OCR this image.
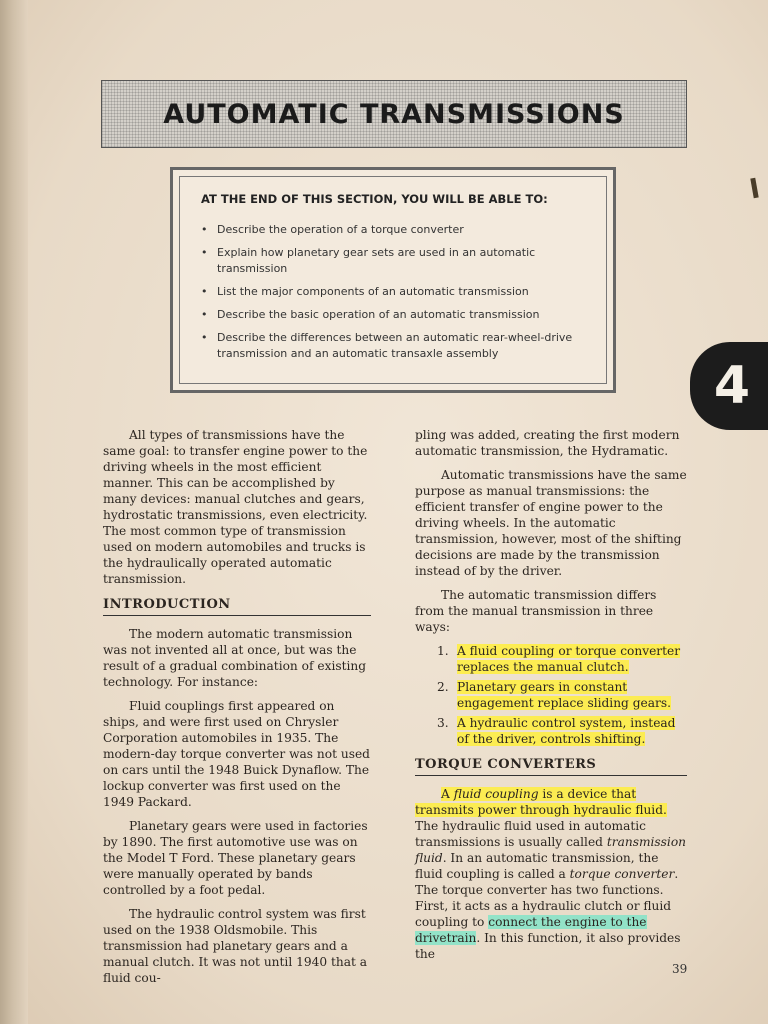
AUTOMATIC TRANSMISSIONS
AT THE END OF THIS SECTION, YOU WILL BE ABLE TO:
• Describe the operation of a torque converter
• Explain how planetary gear sets are used in an automatic transmission
• List the major components of an automatic transmission
• Describe the basic operation of an automatic transmission
• Describe the differences between an automatic rear-wheel-drive transmission and an automatic transaxle assembly
4

All types of transmissions have the same goal: to transfer engine power to the driving wheels in the most efficient manner. This can be accomplished by many devices: manual clutches and gears, hydrostatic transmissions, even electricity. The most common type of transmission used on modern automobiles and trucks is the hydraulically operated automatic transmission.

INTRODUCTION

The modern automatic transmission was not invented all at once, but was the result of a gradual combination of existing technology. For instance:

Fluid couplings first appeared on ships, and were first used on Chrysler Corporation automobiles in 1935. The modern-day torque converter was not used on cars until the 1948 Buick Dynaflow. The lockup converter was first used on the 1949 Packard.

Planetary gears were used in factories by 1890. The first automotive use was on the Model T Ford. These planetary gears were manually operated by bands controlled by a foot pedal.

The hydraulic control system was first used on the 1938 Oldsmobile. This transmission had planetary gears and a manual clutch. It was not until 1940 that a fluid cou-

pling was added, creating the first modern automatic transmission, the Hydramatic.

Automatic transmissions have the same purpose as manual transmissions: the efficient transfer of engine power to the driving wheels. In the automatic transmission, however, most of the shifting decisions are made by the transmission instead of by the driver.

The automatic transmission differs from the manual transmission in three ways:

1. A fluid coupling or torque converter replaces the manual clutch.
2. Planetary gears in constant engagement replace sliding gears.
3. A hydraulic control system, instead of the driver, controls shifting.
TORQUE CONVERTERS

A fluid coupling is a device that transmits power through hydraulic fluid. The hydraulic fluid used in automatic transmissions is usually called transmission fluid. In an automatic transmission, the fluid coupling is called a torque converter. The torque converter has two functions. First, it acts as a hydraulic clutch or fluid coupling to connect the engine to the drivetrain. In this function, it also provides the

39
